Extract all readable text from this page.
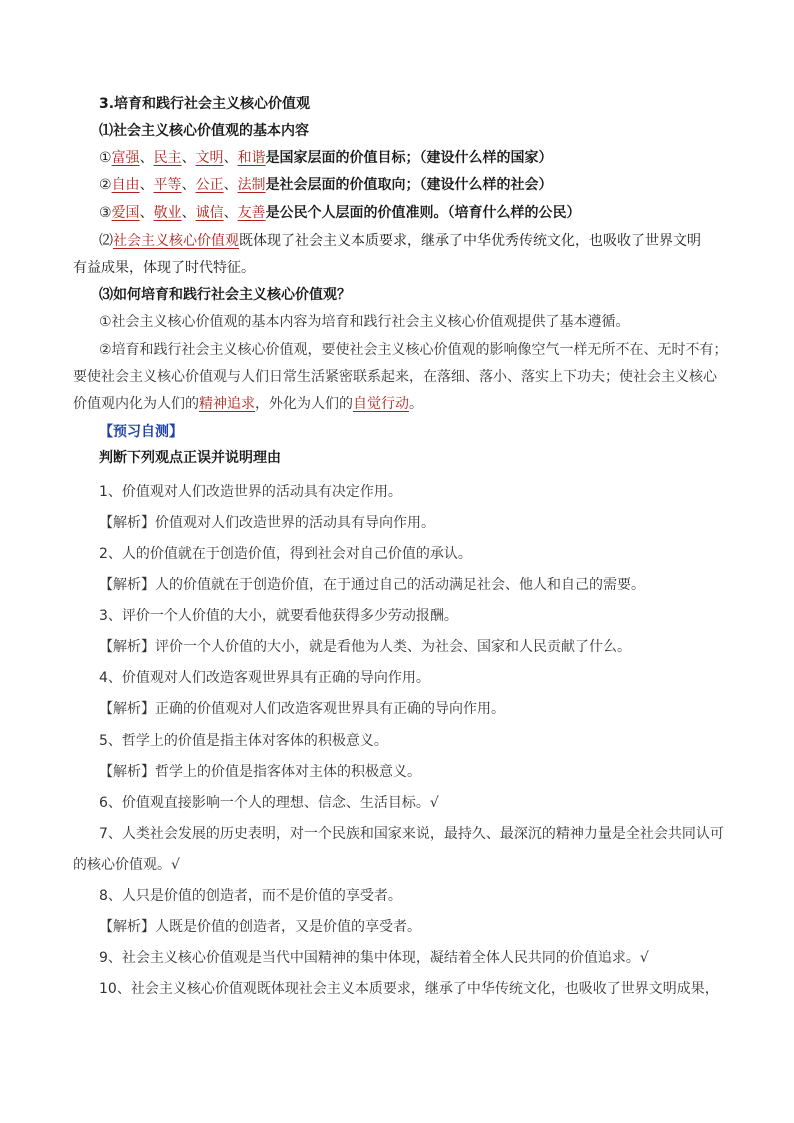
3.培育和践行社会主义核心价值观
⑴社会主义核心价值观的基本内容
①富强、民主、文明、和谐是国家层面的价值目标；（建设什么样的国家）
②自由、平等、公正、法制是社会层面的价值取向；（建设什么样的社会）
③爱国、敬业、诚信、友善是公民个人层面的价值准则。（培育什么样的公民）
⑵社会主义核心价值观既体现了社会主义本质要求，继承了中华优秀传统文化，也吸收了世界文明
有益成果，体现了时代特征。
⑶如何培育和践行社会主义核心价值观？
①社会主义核心价值观的基本内容为培育和践行社会主义核心价值观提供了基本遵循。
②培育和践行社会主义核心价值观，要使社会主义核心价值观的影响像空气一样无所不在、无时不有；
要使社会主义核心价值观与人们日常生活紧密联系起来，在落细、落小、落实上下功夫；使社会主义核心
价值观内化为人们的精神追求，外化为人们的自觉行动。
【预习自测】
判断下列观点正误并说明理由
1、价值观对人们改造世界的活动具有决定作用。
【解析】价值观对人们改造世界的活动具有导向作用。
2、人的价值就在于创造价值，得到社会对自己价值的承认。
【解析】人的价值就在于创造价值，在于通过自己的活动满足社会、他人和自己的需要。
3、评价一个人价值的大小，就要看他获得多少劳动报酬。
【解析】评价一个人价值的大小，就是看他为人类、为社会、国家和人民贡献了什么。
4、价值观对人们改造客观世界具有正确的导向作用。
【解析】正确的价值观对人们改造客观世界具有正确的导向作用。
5、哲学上的价值是指主体对客体的积极意义。
【解析】哲学上的价值是指客体对主体的积极意义。
6、价值观直接影响一个人的理想、信念、生活目标。√
7、人类社会发展的历史表明，对一个民族和国家来说，最持久、最深沉的精神力量是全社会共同认可
的核心价值观。√
8、人只是价值的创造者，而不是价值的享受者。
【解析】人既是价值的创造者，又是价值的享受者。
9、社会主义核心价值观是当代中国精神的集中体现，凝结着全体人民共同的价值追求。√
10、社会主义核心价值观既体现社会主义本质要求，继承了中华传统文化，也吸收了世界文明成果，
